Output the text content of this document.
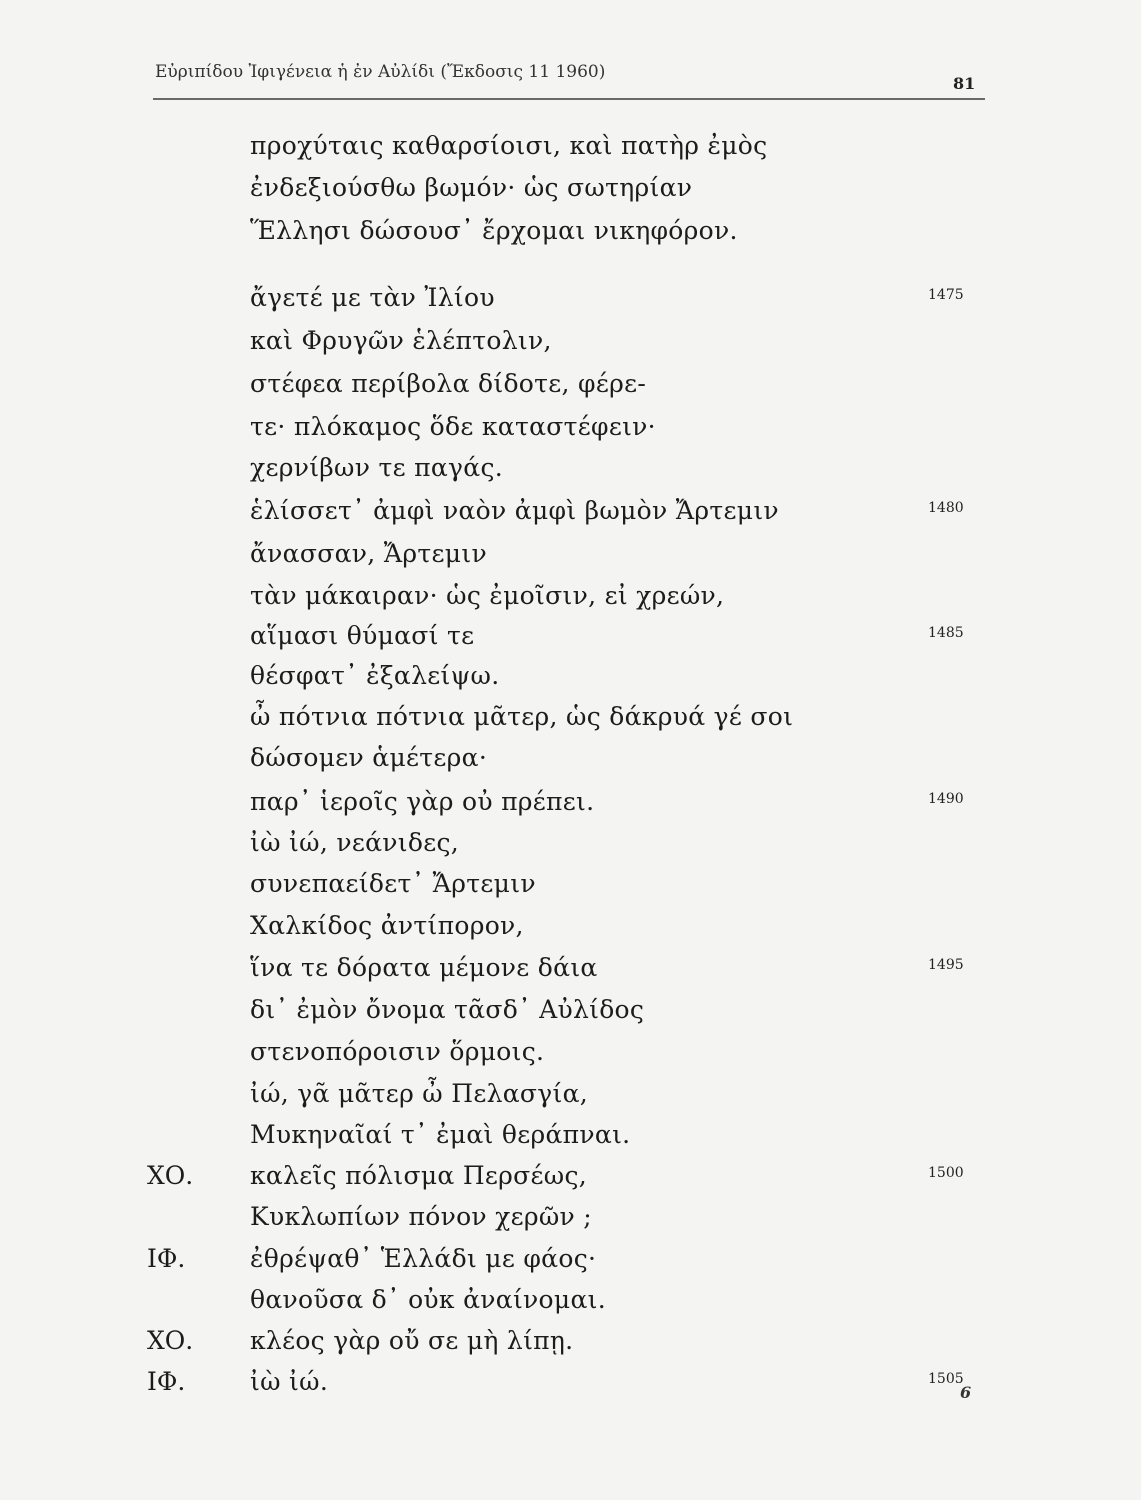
Εὐριπίδου Ἰφιγένεια ἡ ἐν Αὐλίδι (Ἔκδοσις 11 1960)
81
προχύταις καθαρσίοισι, καὶ πατὴρ ἐμὸς
ἐνδεξιούσθω βωμόν· ὡς σωτηρίαν
Ἕλλησι δώσουσ᾽ ἔρχομαι νικηφόρον.
ἄγετέ με τὰν Ἰλίου	1475
καὶ Φρυγῶν ἑλέπτολιν,
στέφεα περίβολα δίδοτε, φέρε-
τε· πλόκαμος ὅδε καταστέφειν·
χερνίβων τε παγάς.
ἑλίσσετ᾽ ἀμφὶ ναὸν ἀμφὶ βωμὸν Ἄρτεμιν	1480
ἄνασσαν, Ἄρτεμιν
τὰν μάκαιραν· ὡς ἐμοῖσιν, εἰ χρεών,
αἵμασι θύμασί τε	1485
θέσφατ᾽ ἐξαλείψω.
ὦ πότνια πότνια μᾶτερ, ὡς δάκρυά γέ σοι
δώσομεν ἁμέτερα·
παρ᾽ ἱεροῖς γὰρ οὐ πρέπει.	1490
ἰὼ ἰώ, νεάνιδες,
συνεπαείδετ᾽ Ἄρτεμιν
Χαλκίδος ἀντίπορον,
ἵνα τε δόρατα μέμονε δάια	1495
δι᾽ ἐμὸν ὄνομα τᾶσδ᾽ Αὐλίδος
στενοπόροισιν ὅρμοις.
ἰώ, γᾶ μᾶτερ ὦ Πελασγία,
Μυκηναῖαί τ᾽ ἐμαὶ θεράπναι.
ΧΟ. καλεῖς πόλισμα Περσέως,	1500
Κυκλωπίων πόνον χερῶν ;
ΙΦ.	ἐθρέψαθ᾽ Ἑλλάδι με φάος·
θανοῦσα δ᾽ οὐκ ἀναίνομαι.
ΧΟ. κλέος γὰρ οὔ σε μὴ λίπῃ.
ΙΦ.	ἰὼ ἰώ.	1505
6
